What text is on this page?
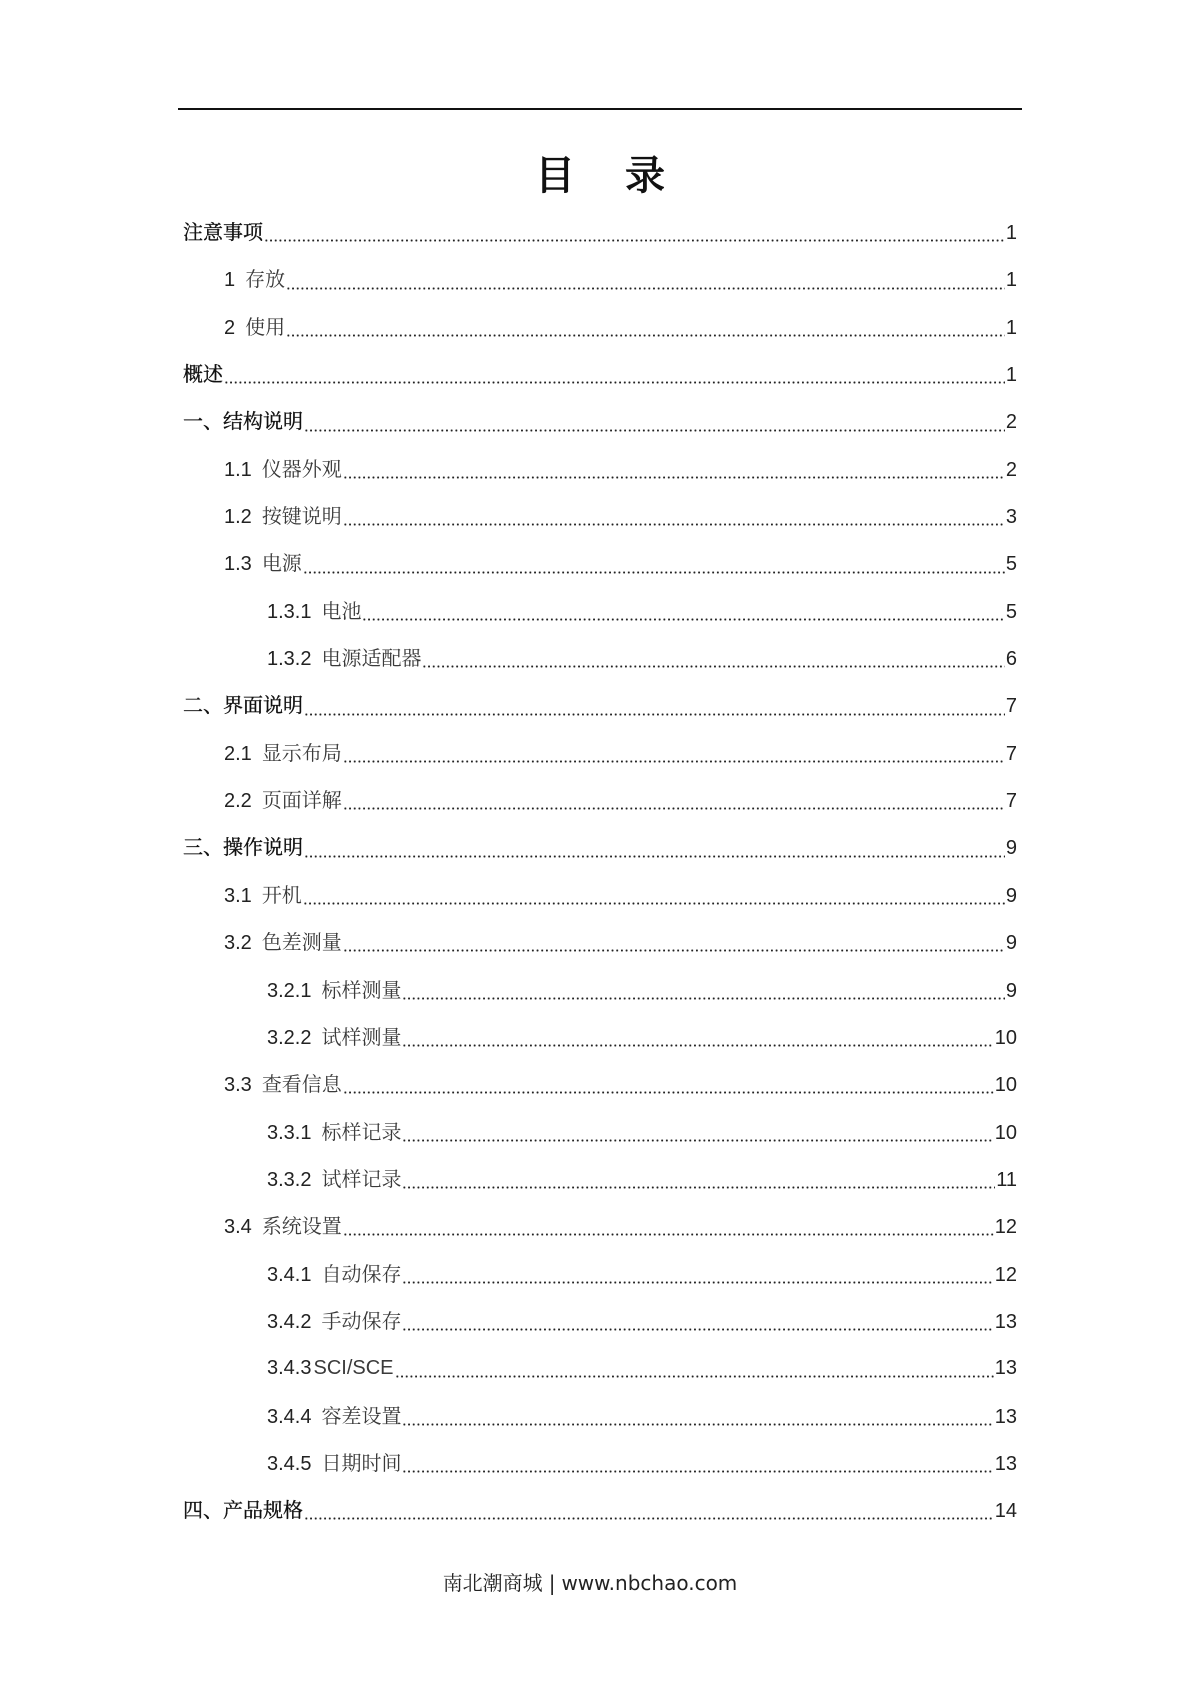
目 录
注意事项	1
1 存放	1
2 使用	1
概述	1
一、结构说明	2
1.1 仪器外观	2
1.2 按键说明	3
1.3 电源	5
1.3.1 电池	5
1.3.2 电源适配器	6
二、界面说明	7
2.1 显示布局	7
2.2 页面详解	7
三、操作说明	9
3.1 开机	9
3.2 色差测量	9
3.2.1 标样测量	9
3.2.2 试样测量	10
3.3 查看信息	10
3.3.1 标样记录	10
3.3.2 试样记录	11
3.4 系统设置	12
3.4.1 自动保存	12
3.4.2 手动保存	13
3.4.3 SCI/SCE	13
3.4.4 容差设置	13
3.4.5 日期时间	13
四、产品规格	14
南北潮商城 | www.nbchao.com
